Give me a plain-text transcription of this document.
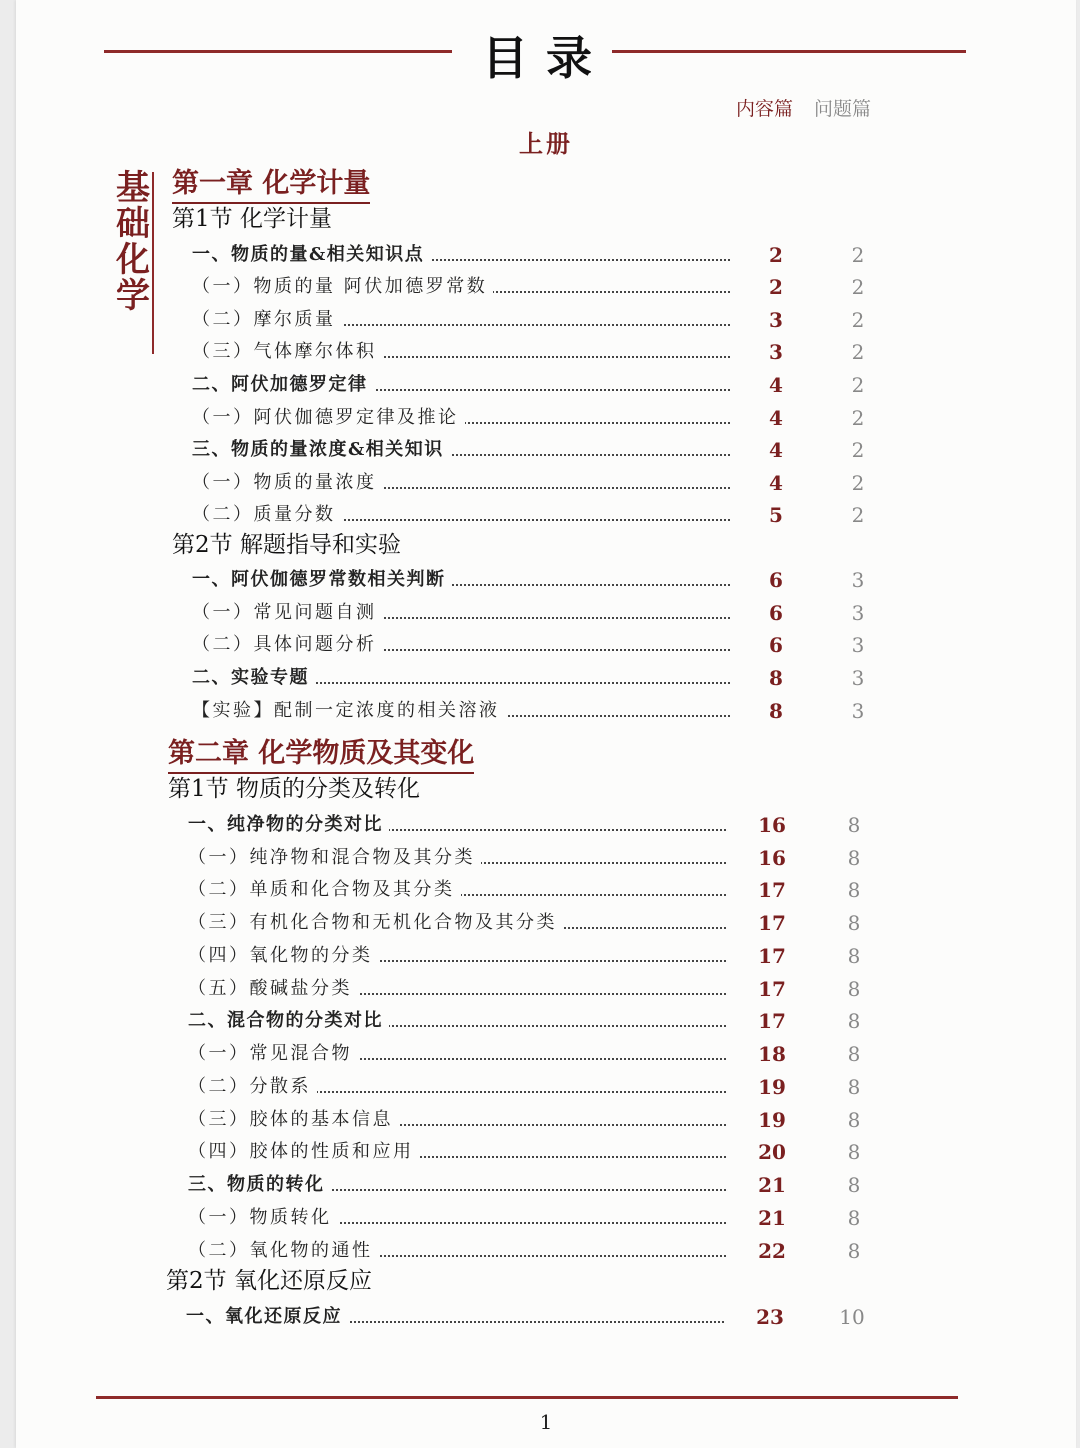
目录
内容篇 问题篇
上册
基础化学
第一章 化学计量
第1节 化学计量
一、物质的量&相关知识点	2	2
（一）物质的量 阿伏加德罗常数	2	2
（二）摩尔质量	3	2
（三）气体摩尔体积	3	2
二、阿伏加德罗定律	4	2
（一）阿伏伽德罗定律及推论	4	2
三、物质的量浓度&相关知识	4	2
（一）物质的量浓度	4	2
（二）质量分数	5	2
第2节 解题指导和实验
一、阿伏伽德罗常数相关判断	6	3
（一）常见问题自测	6	3
（二）具体问题分析	6	3
二、实验专题	8	3
【实验】配制一定浓度的相关溶液	8	3
第二章 化学物质及其变化
第1节 物质的分类及转化
一、纯净物的分类对比	16	8
（一）纯净物和混合物及其分类	16	8
（二）单质和化合物及其分类	17	8
（三）有机化合物和无机化合物及其分类	17	8
（四）氧化物的分类	17	8
（五）酸碱盐分类	17	8
二、混合物的分类对比	17	8
（一）常见混合物	18	8
（二）分散系	19	8
（三）胶体的基本信息	19	8
（四）胶体的性质和应用	20	8
三、物质的转化	21	8
（一）物质转化	21	8
（二）氧化物的通性	22	8
第2节 氧化还原反应
一、氧化还原反应	23	10
1
